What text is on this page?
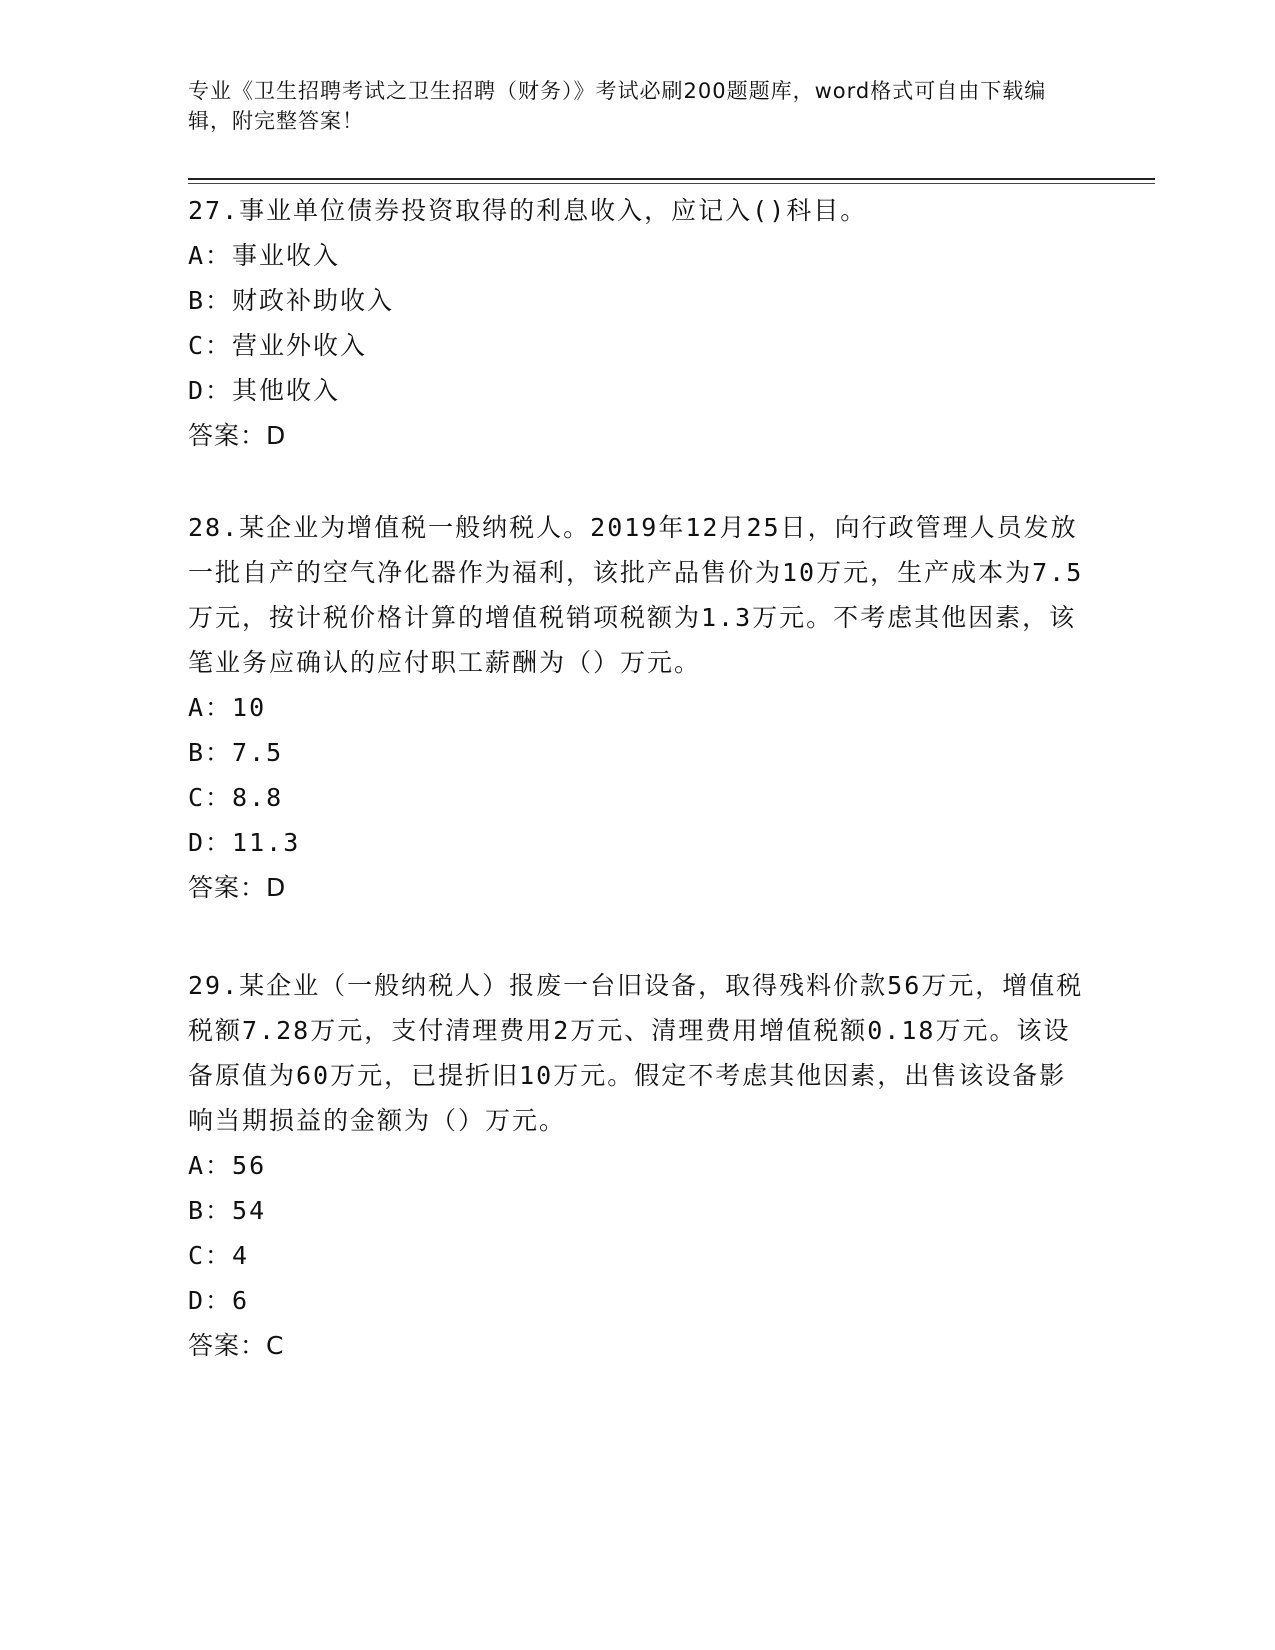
专业《卫生招聘考试之卫生招聘（财务）》考试必刷200题题库，word格式可自由下载编辑，附完整答案！

27.事业单位债券投资取得的利息收入，应记入()科目。

A：事业收入

B：财政补助收入

C：营业外收入

D：其他收入

答案：D

28.某企业为增值税一般纳税人。2019年12月25日，向行政管理人员发放一批自产的空气净化器作为福利，该批产品售价为10万元，生产成本为7.5万元，按计税价格计算的增值税销项税额为1.3万元。不考虑其他因素，该笔业务应确认的应付职工薪酬为（）万元。

A：10

B：7.5

C：8.8

D：11.3

答案：D

29.某企业（一般纳税人）报废一台旧设备，取得残料价款56万元，增值税税额7.28万元，支付清理费用2万元、清理费用增值税额0.18万元。该设备原值为60万元，已提折旧10万元。假定不考虑其他因素，出售该设备影响当期损益的金额为（）万元。

A：56

B：54

C：4

D：6

答案：C
